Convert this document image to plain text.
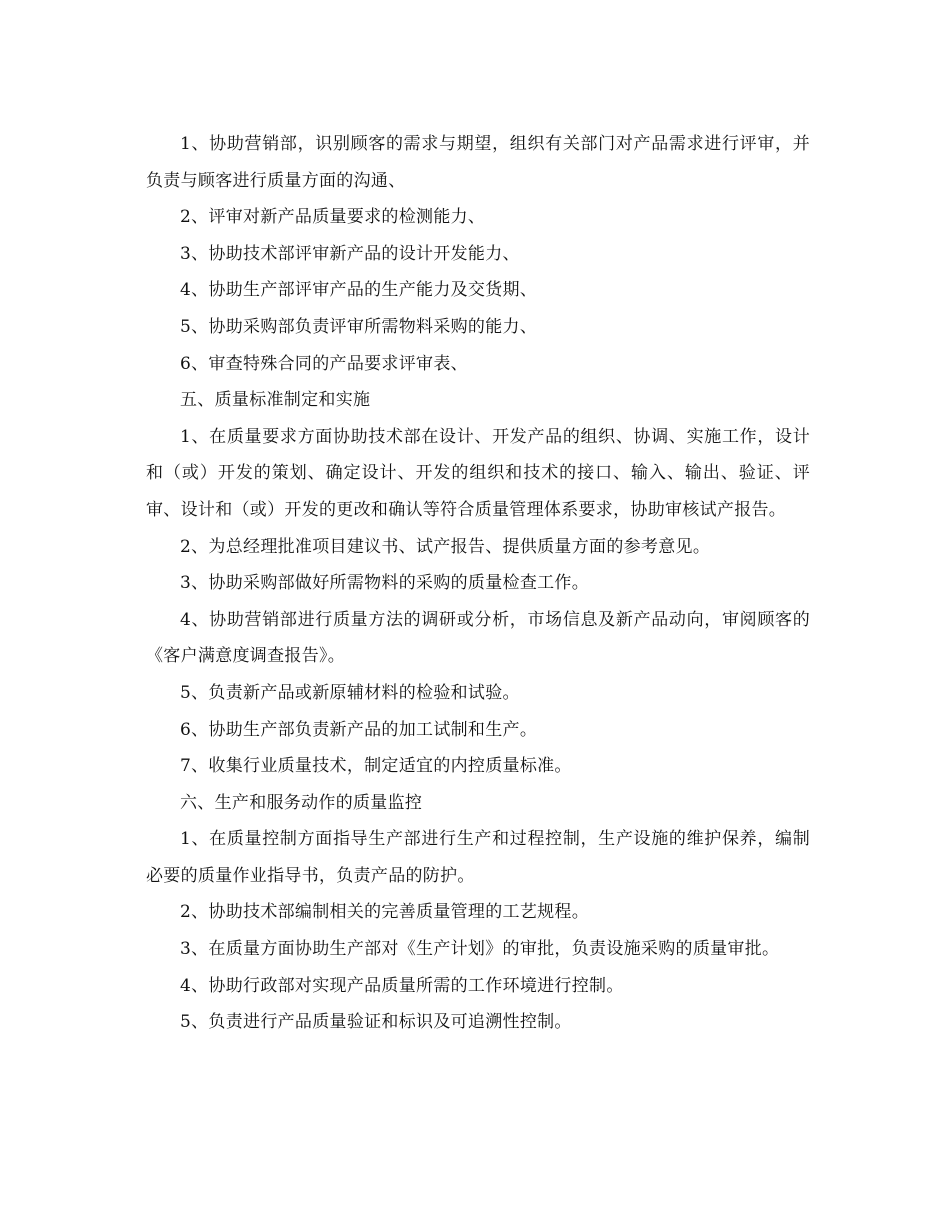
1、协助营销部，识别顾客的需求与期望，组织有关部门对产品需求进行评审，并负责与顾客进行质量方面的沟通、

2、评审对新产品质量要求的检测能力、

3、协助技术部评审新产品的设计开发能力、

4、协助生产部评审产品的生产能力及交货期、

5、协助采购部负责评审所需物料采购的能力、

6、审查特殊合同的产品要求评审表、

五、质量标准制定和实施

1、在质量要求方面协助技术部在设计、开发产品的组织、协调、实施工作，设计和（或）开发的策划、确定设计、开发的组织和技术的接口、输入、输出、验证、评审、设计和（或）开发的更改和确认等符合质量管理体系要求，协助审核试产报告。

2、为总经理批准项目建议书、试产报告、提供质量方面的参考意见。

3、协助采购部做好所需物料的采购的质量检查工作。

4、协助营销部进行质量方法的调研或分析，市场信息及新产品动向，审阅顾客的《客户满意度调查报告》。

5、负责新产品或新原辅材料的检验和试验。

6、协助生产部负责新产品的加工试制和生产。

7、收集行业质量技术，制定适宜的内控质量标准。

六、生产和服务动作的质量监控

1、在质量控制方面指导生产部进行生产和过程控制，生产设施的维护保养，编制必要的质量作业指导书，负责产品的防护。

2、协助技术部编制相关的完善质量管理的工艺规程。

3、在质量方面协助生产部对《生产计划》的审批，负责设施采购的质量审批。

4、协助行政部对实现产品质量所需的工作环境进行控制。

5、负责进行产品质量验证和标识及可追溯性控制。
